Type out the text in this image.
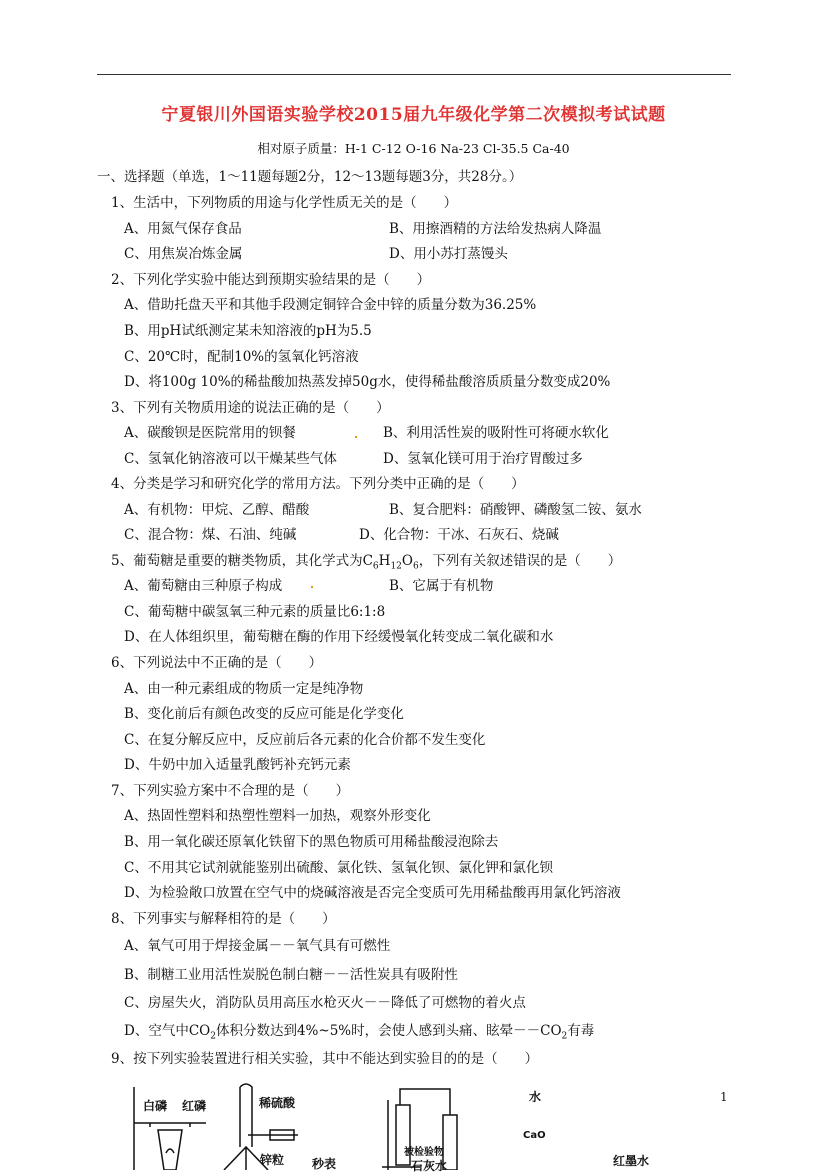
宁夏银川外国语实验学校2015届九年级化学第二次模拟考试试题
相对原子质量：H-1 C-12 O-16 Na-23 Cl-35.5 Ca-40
一、选择题（单选，1～11题每题2分，12～13题每题3分，共28分。）
1、生活中，下列物质的用途与化学性质无关的是（　　）
A、用氮气保存食品	B、用擦酒精的方法给发热病人降温
C、用焦炭冶炼金属	D、用小苏打蒸馒头
2、下列化学实验中能达到预期实验结果的是（　　）
A、借助托盘天平和其他手段测定铜锌合金中锌的质量分数为36.25%
B、用pH试纸测定某未知溶液的pH为5.5
C、20℃时，配制10%的氢氧化钙溶液
D、将100g 10%的稀盐酸加热蒸发掉50g水，使得稀盐酸溶质质量分数变成20%
3、下列有关物质用途的说法正确的是（　　）
A、碳酸钡是医院常用的钡餐	B、利用活性炭的吸附性可将硬水软化
C、氢氧化钠溶液可以干燥某些气体	D、氢氧化镁可用于治疗胃酸过多
4、分类是学习和研究化学的常用方法。下列分类中正确的是（　　）
A、有机物：甲烷、乙醇、醋酸	B、复合肥料：硝酸钾、磷酸氢二铵、氨水
C、混合物：煤、石油、纯碱	D、化合物：干冰、石灰石、烧碱
5、葡萄糖是重要的糖类物质，其化学式为$C_6H_{12}O_6$，下列有关叙述错误的是（　　）
A、葡萄糖由三种原子构成	B、它属于有机物
C、葡萄糖中碳氢氧三种元素的质量比6:1:8
D、在人体组织里，葡萄糖在酶的作用下经缓慢氧化转变成二氧化碳和水
6、下列说法中不正确的是（　　）
A、由一种元素组成的物质一定是纯净物
B、变化前后有颜色改变的反应可能是化学变化
C、在复分解反应中，反应前后各元素的化合价都不发生变化
D、牛奶中加入适量乳酸钙补充钙元素
7、下列实验方案中不合理的是（　　）
A、热固性塑料和热塑性塑料一加热，观察外形变化
B、用一氧化碳还原氧化铁留下的黑色物质可用稀盐酸浸泡除去
C、不用其它试剂就能鉴别出硫酸、氯化铁、氢氧化钡、氯化钾和氯化钡
D、为检验敞口放置在空气中的烧碱溶液是否完全变质可先用稀盐酸再用氯化钙溶液
8、下列事实与解释相符的是（　　）
A、氧气可用于焊接金属－－氧气具有可燃性
B、制糖工业用活性炭脱色制白糖－－活性炭具有吸附性
C、房屋失火，消防队员用高压水枪灭火－－降低了可燃物的着火点
D、空气中$CO_2$体积分数达到4%~5%时，会使人感到头痛、眩晕$--CO_2$有毒
9、按下列实验装置进行相关实验，其中不能达到实验目的的是（　　）
白磷 红磷	稀硫酸
锌粒 秒表
被检验物
石灰水
水
CaO
红墨水
1
